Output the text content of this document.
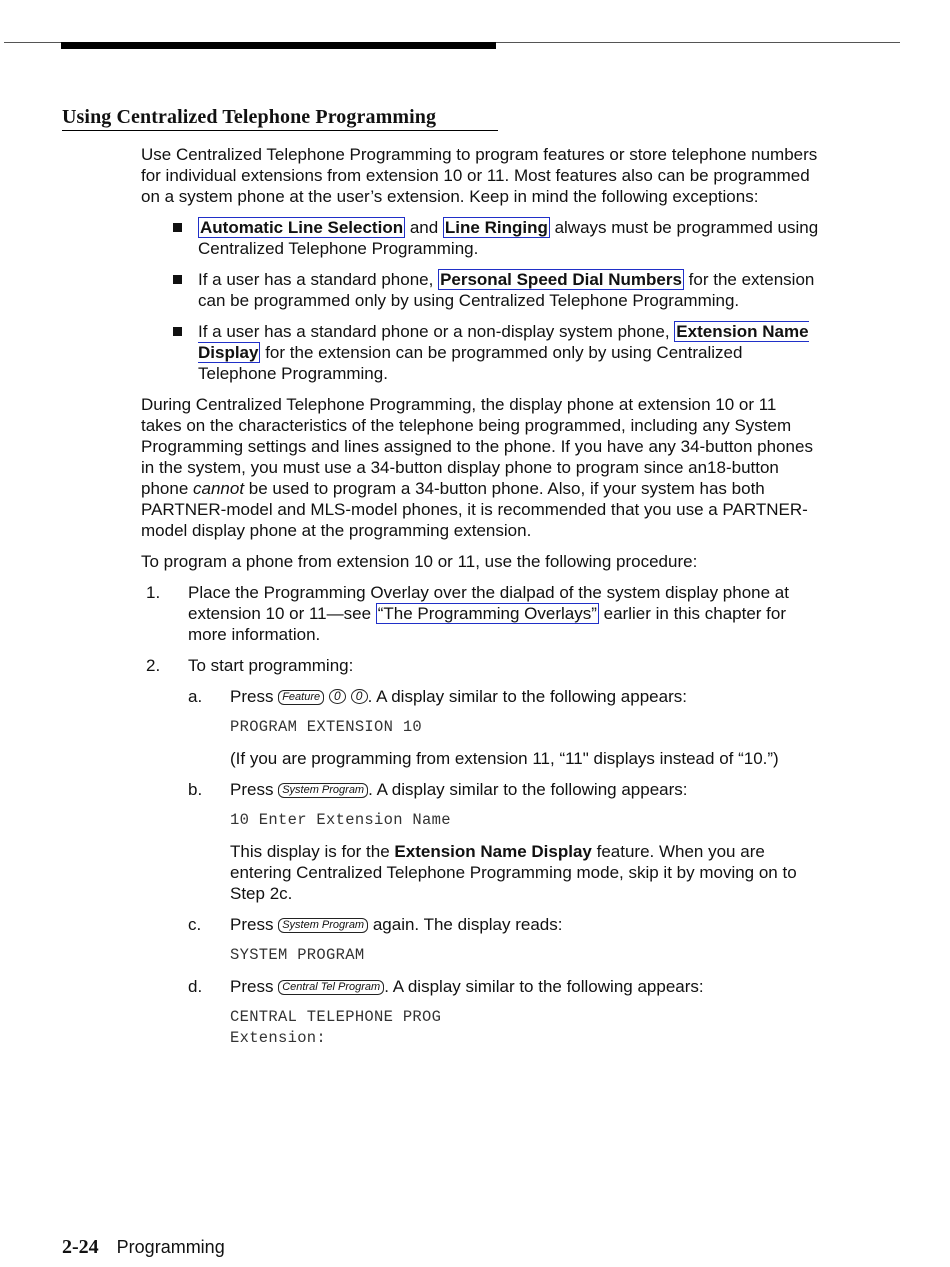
Using Centralized Telephone Programming

Use Centralized Telephone Programming to program features or store telephone numbers for individual extensions from extension 10 or 11. Most features also can be programmed on a system phone at the user’s extension. Keep in mind the following exceptions:

Automatic Line Selection and Line Ringing always must be programmed using Centralized Telephone Programming.
If a user has a standard phone, Personal Speed Dial Numbers for the extension can be programmed only by using Centralized Telephone Programming.
If a user has a standard phone or a non-display system phone, Extension Name Display for the extension can be programmed only by using Centralized Telephone Programming.

During Centralized Telephone Programming, the display phone at extension 10 or 11 takes on the characteristics of the telephone being programmed, including any System Programming settings and lines assigned to the phone. If you have any 34-button phones in the system, you must use a 34-button display phone to program since an18-button phone cannot be used to program a 34-button phone. Also, if your system has both PARTNER-model and MLS-model phones, it is recommended that you use a PARTNER-model display phone at the programming extension.

To program a phone from extension 10 or 11, use the following procedure:

1. Place the Programming Overlay over the dialpad of the system display phone at extension 10 or 11—see “The Programming Overlays” earlier in this chapter for more information.
2. To start programming:
a. Press Feature 0 0 . A display similar to the following appears:
PROGRAM EXTENSION 10
(If you are programming from extension 11, “11" displays instead of “10.”)
b. Press System Program . A display similar to the following appears:
10 Enter Extension Name
This display is for the Extension Name Display feature. When you are entering Centralized Telephone Programming mode, skip it by moving on to Step 2c.
c. Press System Program again. The display reads:
SYSTEM PROGRAM
d. Press Central Tel Program . A display similar to the following appears:
CENTRAL TELEPHONE PROG
Extension:
2-24 Programming
